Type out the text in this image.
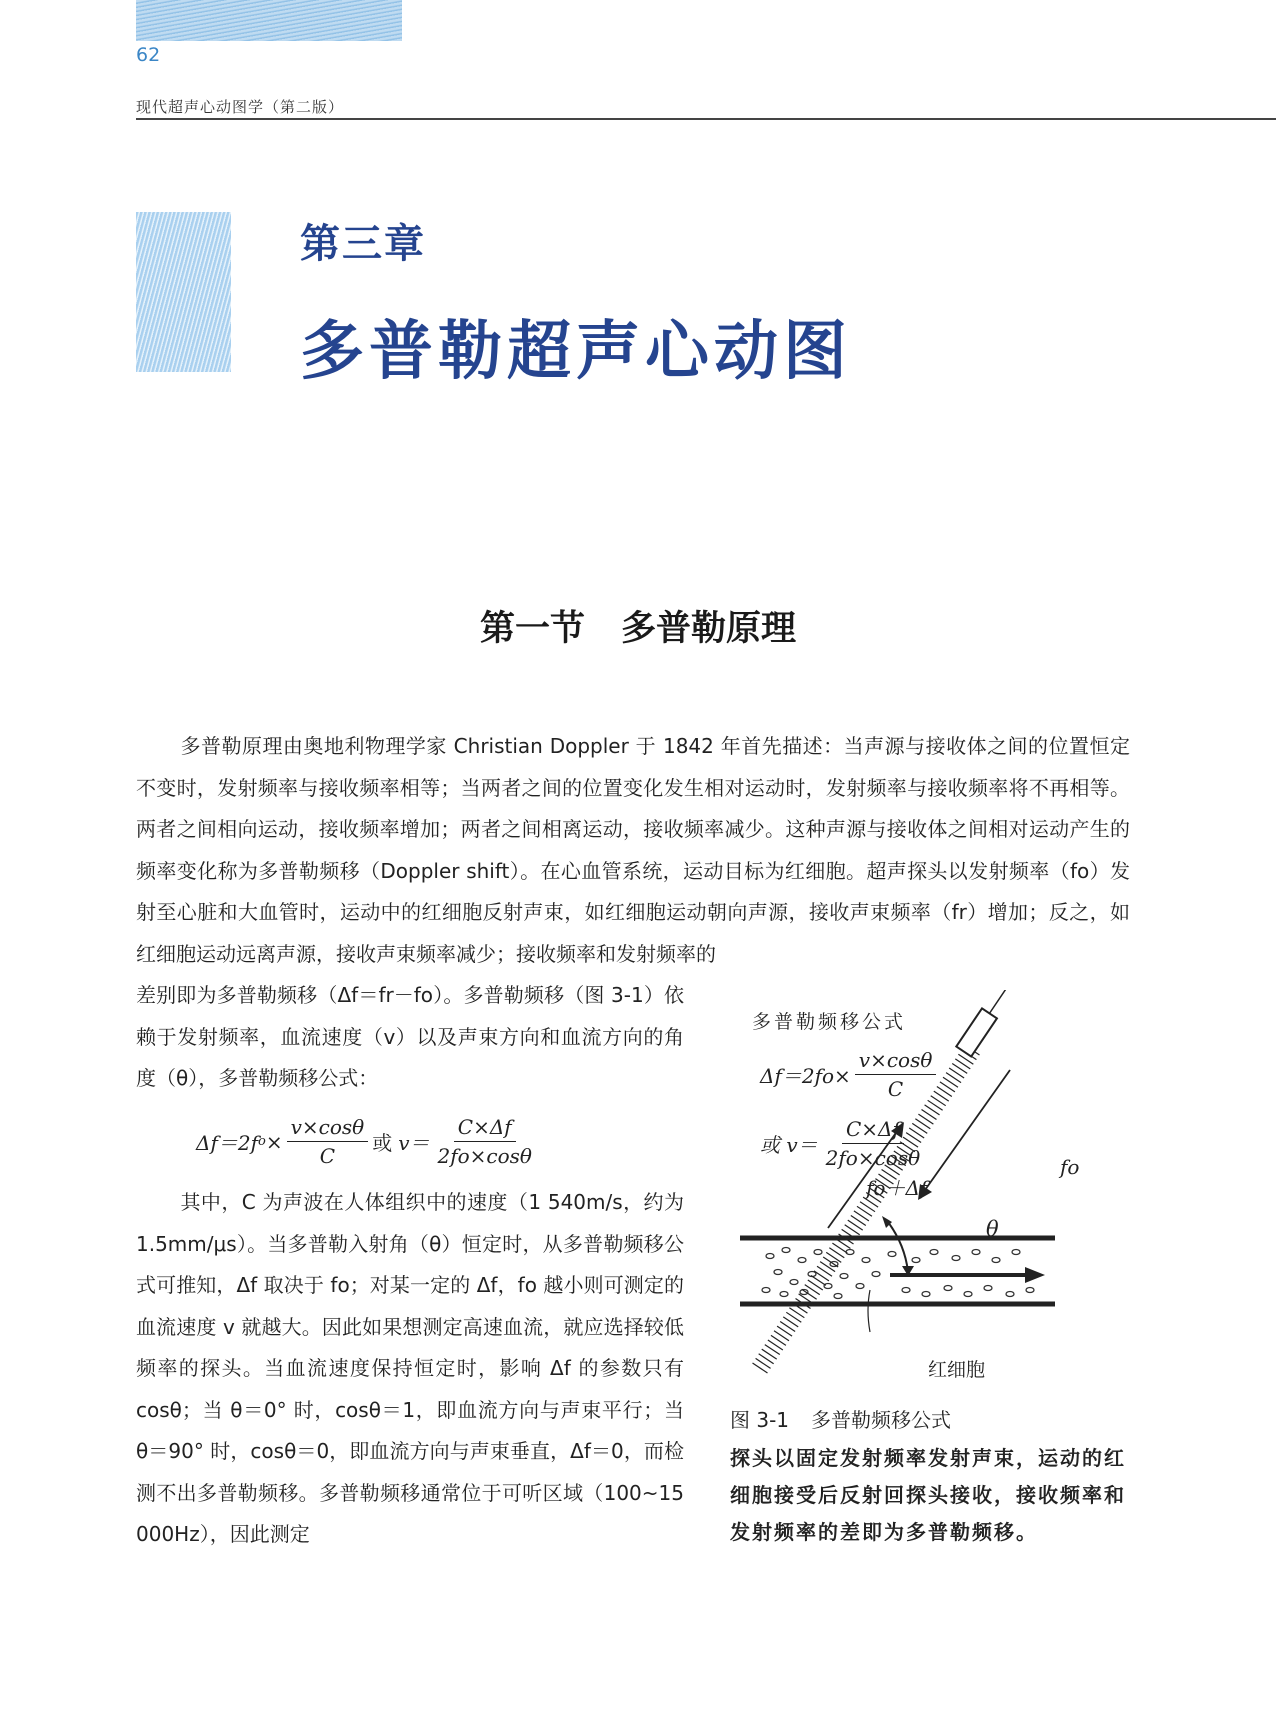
62
现代超声心动图学（第二版）
第三章
多普勒超声心动图
第一节 多普勒原理
多普勒原理由奥地利物理学家 Christian Doppler 于 1842 年首先描述：当声源与接收体之间的位置恒定不变时，发射频率与接收频率相等；当两者之间的位置变化发生相对运动时，发射频率与接收频率将不再相等。两者之间相向运动，接收频率增加；两者之间相离运动，接收频率减少。这种声源与接收体之间相对运动产生的频率变化称为多普勒频移（Doppler shift）。在心血管系统，运动目标为红细胞。超声探头以发射频率（fo）发射至心脏和大血管时，运动中的红细胞反射声束，如红细胞运动朝向声源，接收声束频率（fr）增加；反之，如红细胞运动远离声源，接收声束频率减少；接收频率和发射频率的
差别即为多普勒频移（Δf＝fr－fo）。多普勒频移（图 3-1）依赖于发射频率，血流速度（v）以及声束方向和血流方向的角度（θ），多普勒频移公式：
Δf＝2f $o \times \frac{v\times\cos\theta}{C}$ 或 $v= \frac{C\times\Delta f}{2fo\times\cos\theta}$
其中，C 为声波在人体组织中的速度（1 540m/s，约为 1.5mm/μs）。当多普勒入射角（θ）恒定时，从多普勒频移公式可推知，Δf 取决于 fo；对某一定的 Δf，fo 越小则可测定的血流速度 v 就越大。因此如果想测定高速血流，就应选择较低频率的探头。当血流速度保持恒定时，影响 Δf 的参数只有 cosθ；当 θ＝0° 时，cosθ＝1，即血流方向与声束平行；当 θ＝90° 时，cosθ＝0，即血流方向与声束垂直，Δf＝0，而检测不出多普勒频移。多普勒频移通常位于可听区域（100~15 000Hz），因此测定
多普勒频移公式
$\Delta f=2fo\times \frac{v\times\cos\theta}{C}$
或 $v= \frac{C\times\Delta f}{2fo\times\cos\theta}$	fo
fo＋Δf
θ
红细胞
图 3-1 多普勒频移公式
探头以固定发射频率发射声束，运动的红细胞接受后反射回探头接收，接收频率和发射频率的差即为多普勒频移。
